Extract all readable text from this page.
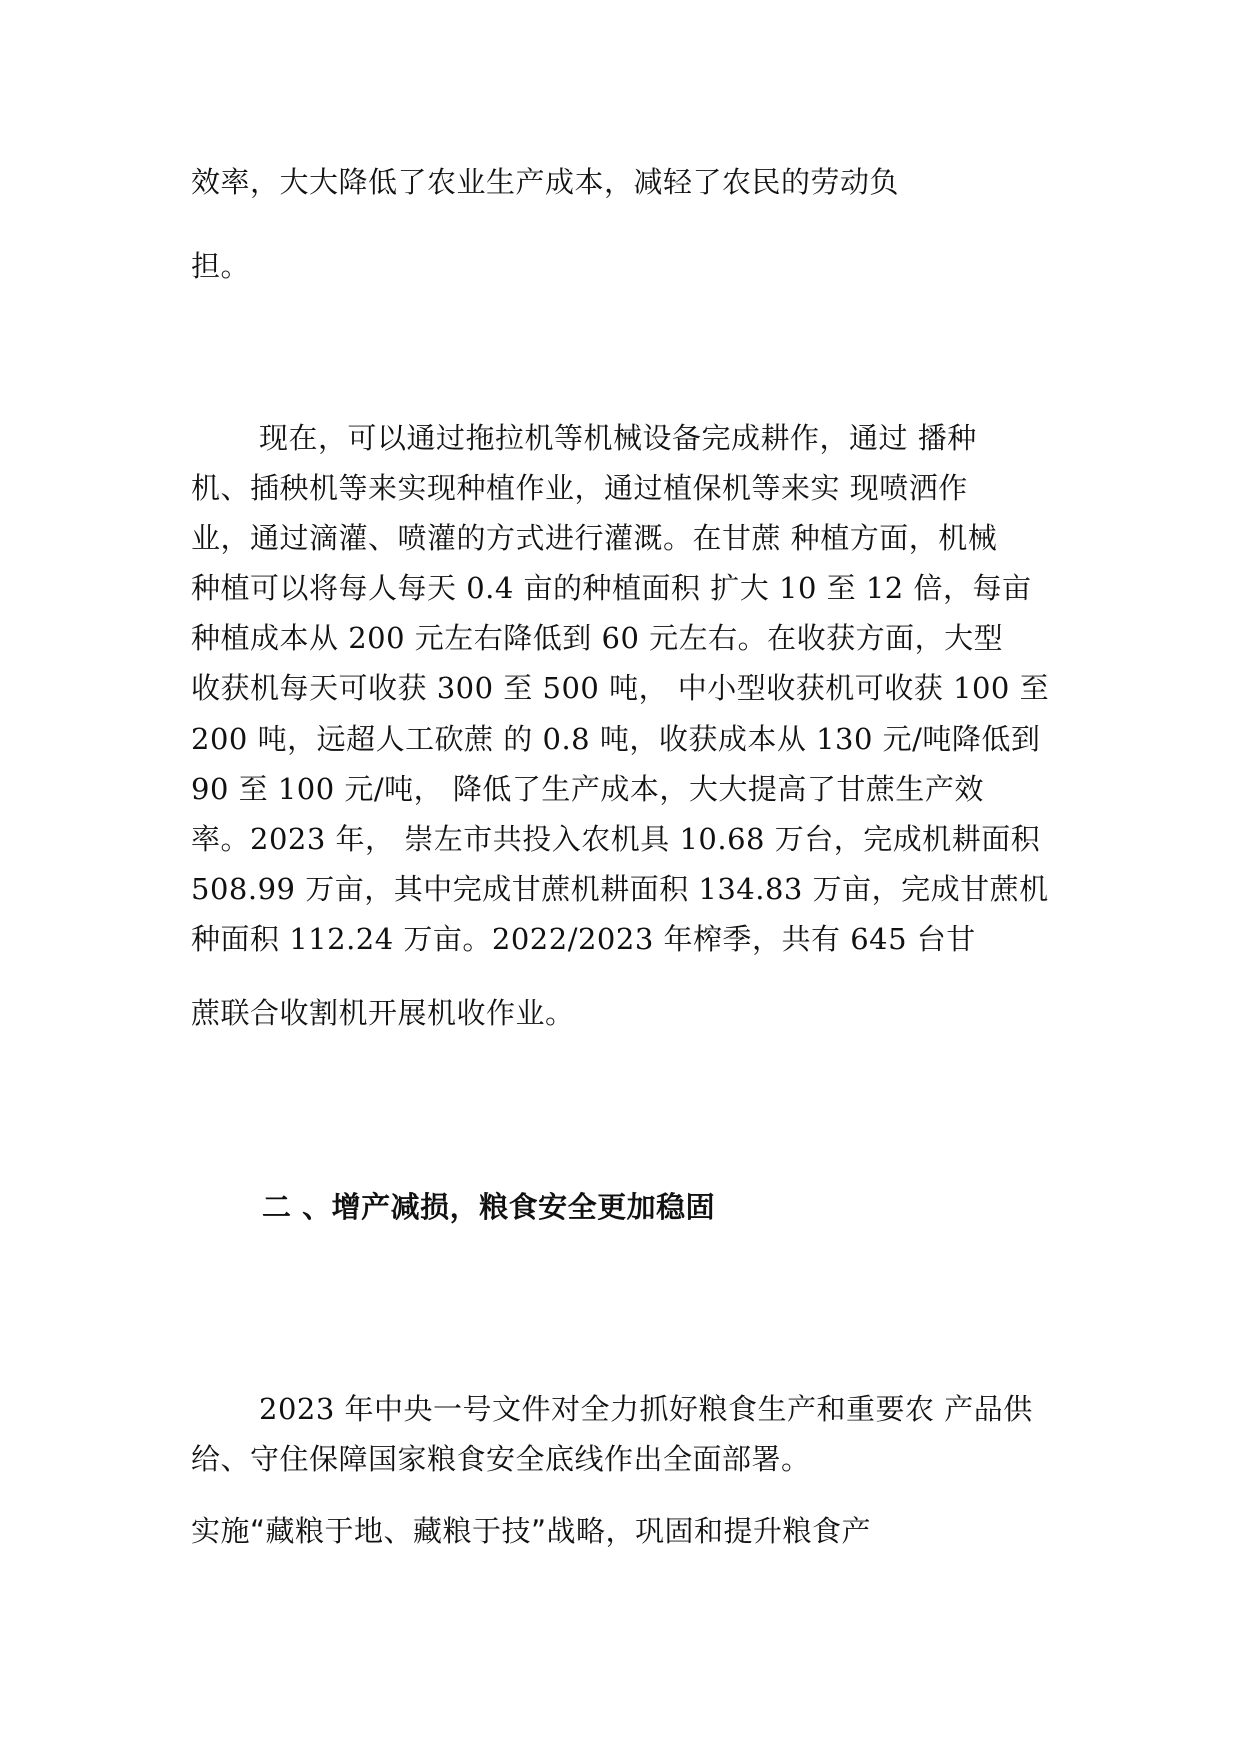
效率，大大降低了农业生产成本，减轻了农民的劳动负
担。
现在，可以通过拖拉机等机械设备完成耕作，通过 播种
机、插秧机等来实现种植作业，通过植保机等来实 现喷洒作
业，通过滴灌、喷灌的方式进行灌溉。在甘蔗 种植方面，机械
种植可以将每人每天 0.4 亩的种植面积 扩大 10 至 12 倍，每亩
种植成本从 200 元左右降低到 60 元左右。在收获方面，大型
收获机每天可收获 300 至 500 吨， 中小型收获机可收获 100 至
200 吨，远超人工砍蔗 的 0.8 吨，收获成本从 130 元/吨降低到
90 至 100 元/吨， 降低了生产成本，大大提高了甘蔗生产效
率。2023 年， 崇左市共投入农机具 10.68 万台，完成机耕面积
508.99 万亩，其中完成甘蔗机耕面积 134.83 万亩，完成甘蔗机
种面积 112.24 万亩。2022/2023 年榨季，共有 645 台甘
蔗联合收割机开展机收作业。
二 、增产减损，粮食安全更加稳固
2023 年中央一号文件对全力抓好粮食生产和重要农 产品供
给、守住保障国家粮食安全底线作出全面部署。
实施“藏粮于地、藏粮于技”战略，巩固和提升粮食产
